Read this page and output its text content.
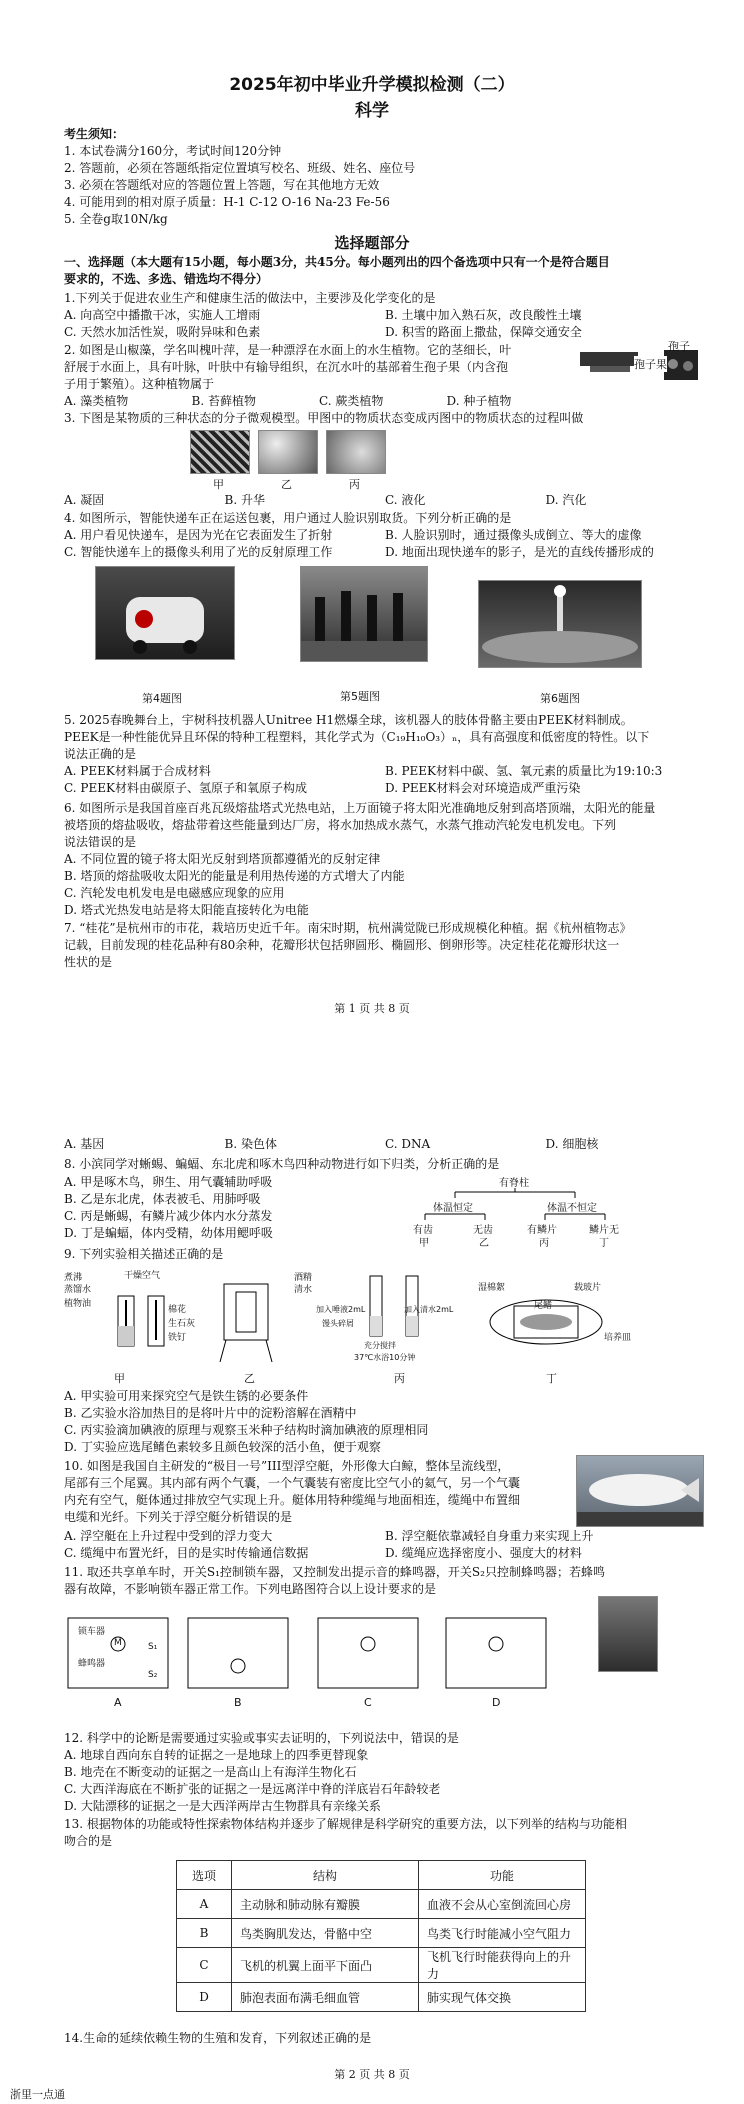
2025年初中毕业升学模拟检测（二）
科学
考生须知：
1. 本试卷满分160分，考试时间120分钟
2. 答题前，必须在答题纸指定位置填写校名、班级、姓名、座位号
3. 必须在答题纸对应的答题位置上答题，写在其他地方无效
4. 可能用到的相对原子质量：H-1 C-12 O-16 Na-23 Fe-56
5. 全卷g取10N/kg
选择题部分
一、选择题（本大题有15小题，每小题3分，共45分。每小题列出的四个备选项中只有一个是符合题目
要求的，不选、多选、错选均不得分）
1.下列关于促进农业生产和健康生活的做法中，主要涉及化学变化的是
A. 向高空中播撒干冰，实施人工增雨	B. 土壤中加入熟石灰，改良酸性土壤
C. 天然水加活性炭，吸附异味和色素	D. 积雪的路面上撒盐，保障交通安全
2. 如图是山椒藻，学名叫槐叶萍，是一种漂浮在水面上的水生植物。它的茎细长，叶
舒展于水面上，具有叶脉，叶肤中有输导组织，在沉水叶的基部着生孢子果（内含孢
子用于繁殖）。这种植物属于
A. 藻类植物	B. 苔藓植物	C. 蕨类植物	D. 种子植物
孢子果
孢子
3. 下图是某物质的三种状态的分子微观模型。甲图中的物质状态变成丙图中的物质状态的过程叫做
甲	乙	丙
A. 凝固	B. 升华	C. 液化	D. 汽化
4. 如图所示，智能快递车正在运送包裹，用户通过人脸识别取货。下列分析正确的是
A. 用户看见快递车，是因为光在它表面发生了折射	B. 人脸识别时，通过摄像头成倒立、等大的虚像
C. 智能快递车上的摄像头利用了光的反射原理工作	D. 地面出现快递车的影子，是光的直线传播形成的
第4题图	第5题图	第6题图
5. 2025春晚舞台上，宇树科技机器人Unitree H1燃爆全球，该机器人的肢体骨骼主要由PEEK材料制成。
PEEK是一种性能优异且环保的特种工程塑料，其化学式为（C₁₉H₁₀O₃）ₙ，具有高强度和低密度的特性。以下
说法正确的是
A. PEEK材料属于合成材料	B. PEEK材料中碳、氢、氧元素的质量比为19:10:3
C. PEEK材料由碳原子、氢原子和氧原子构成	D. PEEK材料会对环境造成严重污染
6. 如图所示是我国首座百兆瓦级熔盐塔式光热电站，上万面镜子将太阳光准确地反射到高塔顶端，太阳光的能量
被塔顶的熔盐吸收，熔盐带着这些能量到达厂房，将水加热成水蒸气，水蒸气推动汽轮发电机发电。下列
说法错误的是
A. 不同位置的镜子将太阳光反射到塔顶都遵循光的反射定律
B. 塔顶的熔盐吸收太阳光的能量是利用热传递的方式增大了内能
C. 汽轮发电机发电是电磁感应现象的应用
D. 塔式光热发电站是将太阳能直接转化为电能
7. “桂花”是杭州市的市花，栽培历史近千年。南宋时期，杭州满觉陇已形成规模化种植。据《杭州植物志》
记载，目前发现的桂花品种有80余种，花瓣形状包括卵圆形、椭圆形、倒卵形等。决定桂花花瓣形状这一
性状的是
第 1 页 共 8 页
A. 基因	B. 染色体	C. DNA	D. 细胞核
8. 小滨同学对蜥蜴、蝙蝠、东北虎和啄木鸟四种动物进行如下归类，分析正确的是
A. 甲是啄木鸟，卵生、用气囊辅助呼吸
B. 乙是东北虎，体表被毛、用肺呼吸
C. 丙是蜥蜴，有鳞片减少体内水分蒸发
D. 丁是蝙蝠，体内受精，幼体用鳃呼吸
有脊柱
体温恒定	体温不恒定
有齿	无齿	有鳞片	鳞片无
甲	乙	丙	丁
9. 下列实验相关描述正确的是
煮沸
蒸馏水
干燥空气
植物油
棉花
生石灰
铁钉
酒精
清水
加入唾液2mL	加入清水2mL
馒头碎屑
充分搅拌
37℃水浴10分钟
湿棉絮
尾鳍
载玻片
培养皿
甲	乙	丙	丁
A. 甲实验可用来探究空气是铁生锈的必要条件
B. 乙实验水浴加热目的是将叶片中的淀粉溶解在酒精中
C. 丙实验滴加碘液的原理与观察玉米种子结构时滴加碘液的原理相同
D. 丁实验应选尾鳍色素较多且颜色较深的活小鱼，便于观察
10. 如图是我国自主研发的“极目一号”III型浮空艇，外形像大白鲸，整体呈流线型，
尾部有三个尾翼。其内部有两个气囊，一个气囊装有密度比空气小的氦气，另一个气囊
内充有空气，艇体通过排放空气实现上升。艇体用特种缆绳与地面相连，缆绳中布置细
电缆和光纤。下列关于浮空艇分析错误的是
A. 浮空艇在上升过程中受到的浮力变大	B. 浮空艇依靠减轻自身重力来实现上升
C. 缆绳中布置光纤，目的是实时传输通信数据	D. 缆绳应选择密度小、强度大的材料
11. 取还共享单车时，开关S₁控制锁车器，又控制发出提示音的蜂鸣器，开关S₂只控制蜂鸣器；若蜂鸣
器有故障，不影响锁车器正常工作。下列电路图符合以上设计要求的是
锁车器
蜂鸣器
S₁
S₂
M
A	B	C	D
12. 科学中的论断是需要通过实验或事实去证明的，下列说法中，错误的是
A. 地球自西向东自转的证据之一是地球上的四季更替现象
B. 地壳在不断变动的证据之一是高山上有海洋生物化石
C. 大西洋海底在不断扩张的证据之一是远离洋中脊的洋底岩石年龄较老
D. 大陆漂移的证据之一是大西洋两岸古生物群具有亲缘关系
13. 根据物体的功能或特性探索物体结构并逐步了解规律是科学研究的重要方法，以下列举的结构与功能相
吻合的是
选项	结构	功能
A	主动脉和肺动脉有瓣膜	血液不会从心室倒流回心房
B	鸟类胸肌发达，骨骼中空	鸟类飞行时能减小空气阻力
C	飞机的机翼上面平下面凸	飞机飞行时能获得向上的升力
D	肺泡表面布满毛细血管	肺实现气体交换
14.生命的延续依赖生物的生殖和发育，下列叙述正确的是
第 2 页 共 8 页
浙里一点通
